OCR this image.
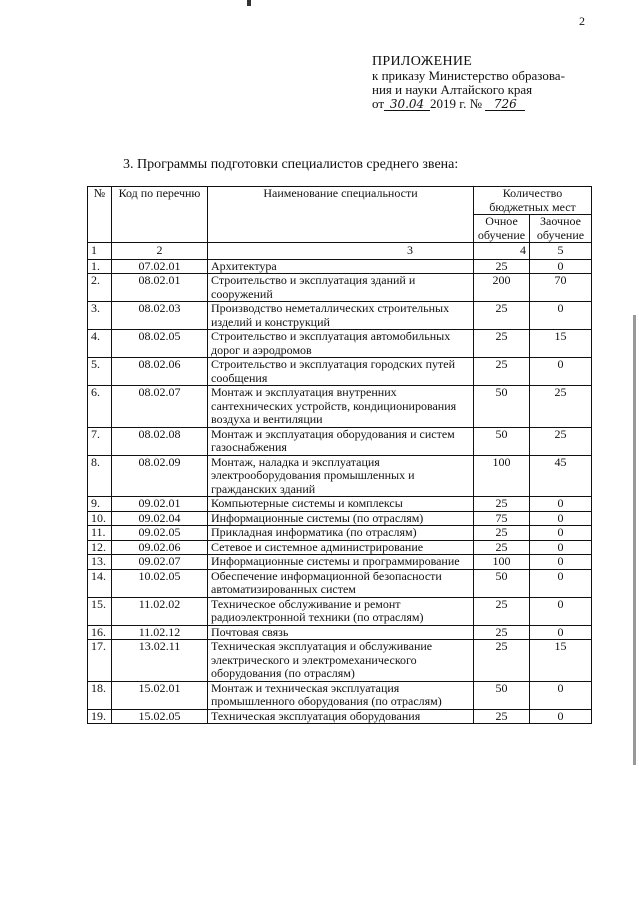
2
ПРИЛОЖЕНИЕ
к приказу Министерство образова-
ния и науки Алтайского края
от 30.04 2019 г. № 726
3. Программы подготовки специалистов среднего звена:
№	Код по перечню	Наименование специальности	Количество бюджетных мест	
			Очное обучение	Заочное обучение
1	2	3	4	5
1.	07.02.01	Архитектура	25	0
2.	08.02.01	Строительство и эксплуатация зданий и сооружений	200	70
3.	08.02.03	Производство неметаллических строительных изделий и конструкций	25	0
4.	08.02.05	Строительство и эксплуатация автомобильных дорог и аэродромов	25	15
5.	08.02.06	Строительство и эксплуатация городских путей сообщения	25	0
6.	08.02.07	Монтаж и эксплуатация внутренних сантехнических устройств, кондиционирования воздуха и вентиляции	50	25
7.	08.02.08	Монтаж и эксплуатация оборудования и систем газоснабжения	50	25
8.	08.02.09	Монтаж, наладка и эксплуатация электрооборудования промышленных и гражданских зданий	100	45
9.	09.02.01	Компьютерные системы и комплексы	25	0
10.	09.02.04	Информационные системы (по отраслям)	75	0
11.	09.02.05	Прикладная информатика (по отраслям)	25	0
12.	09.02.06	Сетевое и системное администрирование	25	0
13.	09.02.07	Информационные системы и программирование	100	0
14.	10.02.05	Обеспечение информационной безопасности автоматизированных систем	50	0
15.	11.02.02	Техническое обслуживание и ремонт радиоэлектронной техники (по отраслям)	25	0
16.	11.02.12	Почтовая связь	25	0
17.	13.02.11	Техническая эксплуатация и обслуживание электрического и электромеханического оборудования (по отраслям)	25	15
18.	15.02.01	Монтаж и техническая эксплуатация промышленного оборудования (по отраслям)	50	0
19.	15.02.05	Техническая эксплуатация оборудования	25	0
